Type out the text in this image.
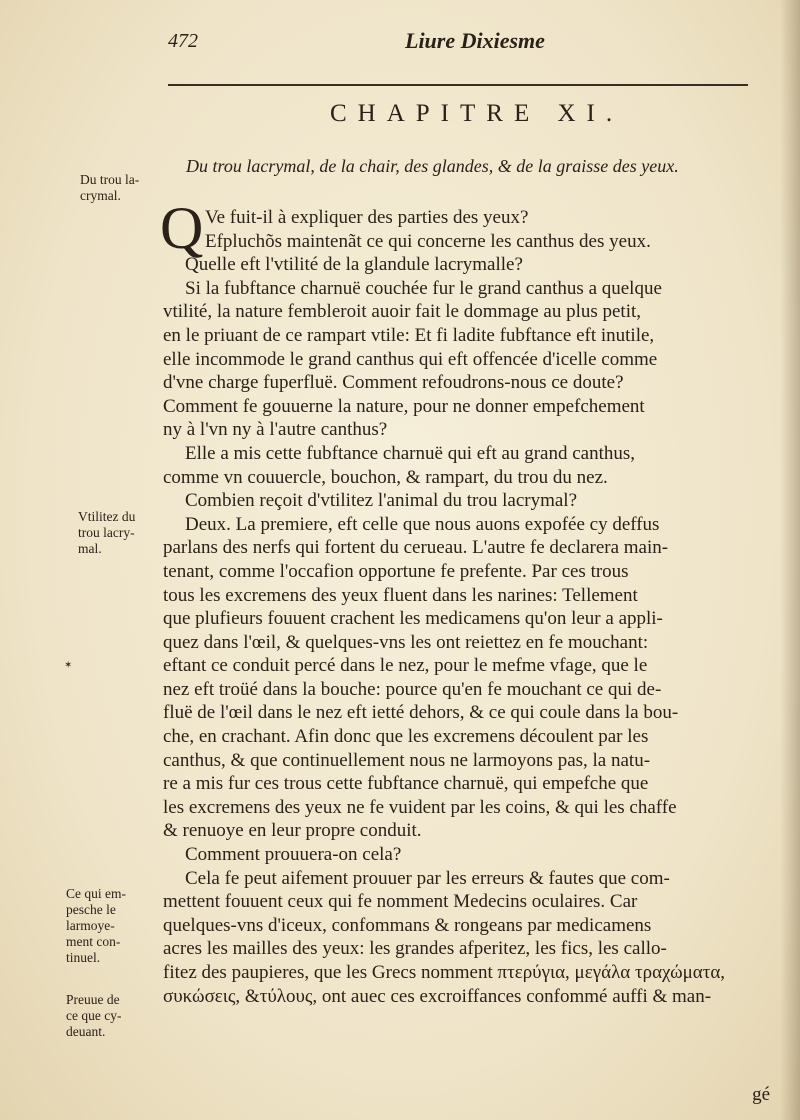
472	Liure Dixiesme
CHAPITRE XI.
Du trou lacrymal, de la chair, des glandes, & de la graisse des yeux.
Du trou la-
crymal.
Vtilitez du
trou lacry-
mal.
Ce qui em-
pesche le
larmoye-
ment con-
tinuel.
Preuue de
ce que cy-
deuant.
✶
Q Ve fuit-il à expliquer des parties des yeux?
Efpluchõs maintenãt ce qui concerne les canthus des yeux.
Quelle eft l'vtilité de la glandule lacrymalle?
Si la fubftance charnuë couchée fur le grand canthus a quelque
vtilité, la nature fembleroit auoir fait le dommage au plus petit,
en le priuant de ce rampart vtile: Et fi ladite fubftance eft inutile,
elle incommode le grand canthus qui eft offencée d'icelle comme
d'vne charge fuperfluë. Comment refoudrons-nous ce doute?
Comment fe gouuerne la nature, pour ne donner empefchement
ny à l'vn ny à l'autre canthus?
Elle a mis cette fubftance charnuë qui eft au grand canthus,
comme vn couuercle, bouchon, & rampart, du trou du nez.
Combien reçoit d'vtilitez l'animal du trou lacrymal?
Deux. La premiere, eft celle que nous auons expofée cy deffus
parlans des nerfs qui fortent du cerueau. L'autre fe declarera main-
tenant, comme l'occafion opportune fe prefente. Par ces trous
tous les excremens des yeux fluent dans les narines: Tellement
que plufieurs fouuent crachent les medicamens qu'on leur a appli-
quez dans l'œil, & quelques-vns les ont reiettez en fe mouchant:
eftant ce conduit percé dans le nez, pour le mefme vfage, que le
nez eft troüé dans la bouche: pource qu'en fe mouchant ce qui de-
fluë de l'œil dans le nez eft ietté dehors, & ce qui coule dans la bou-
che, en crachant. Afin donc que les excremens découlent par les
canthus, & que continuellement nous ne larmoyons pas, la natu-
re a mis fur ces trous cette fubftance charnuë, qui empefche que
les excremens des yeux ne fe vuident par les coins, & qui les chaffe
& renuoye en leur propre conduit.
Comment prouuera-on cela?
Cela fe peut aifement prouuer par les erreurs & fautes que com-
mettent fouuent ceux qui fe nomment Medecins oculaires. Car
quelques-vns d'iceux, confommans & rongeans par medicamens
acres les mailles des yeux: les grandes afperitez, les fics, les callo-
fitez des paupieres, que les Grecs nomment πτερύγια, μεγάλα τραχώματα,
συκώσεις, &τύλους, ont auec ces excroiffances confommé auffi & man-
gé
